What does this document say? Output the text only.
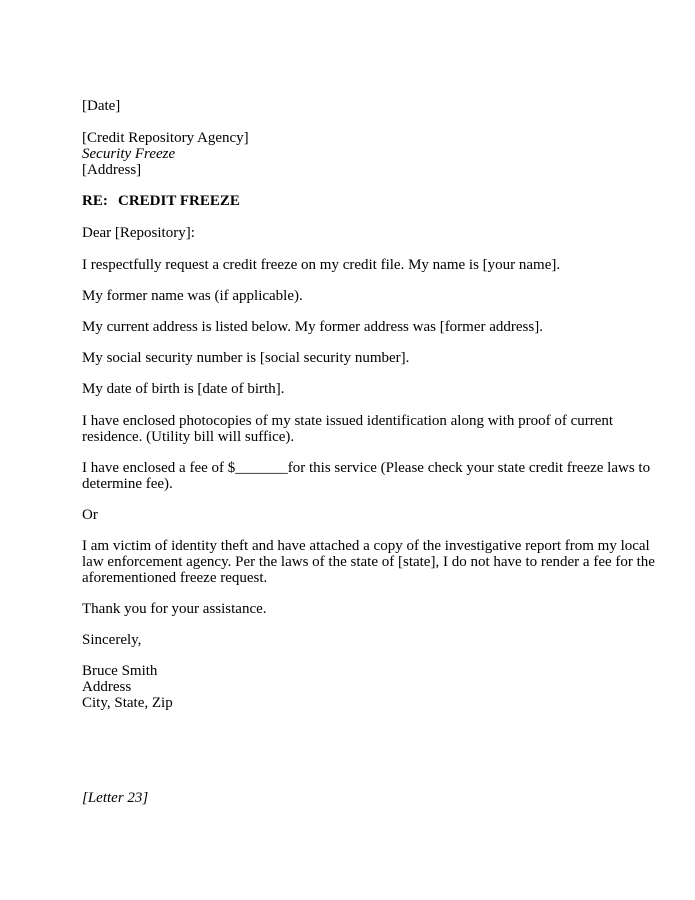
[Date]

[Credit Repository Agency]
Security Freeze
[Address]

RE: CREDIT FREEZE

Dear [Repository]:

I respectfully request a credit freeze on my credit file. My name is [your name].

My former name was (if applicable).

My current address is listed below. My former address was [former address].

My social security number is [social security number].

My date of birth is [date of birth].

I have enclosed photocopies of my state issued identification along with proof of current
residence. (Utility bill will suffice).

I have enclosed a fee of $_______for this service (Please check your state credit freeze laws to
determine fee).

Or

I am victim of identity theft and have attached a copy of the investigative report from my local
law enforcement agency. Per the laws of the state of [state], I do not have to render a fee for the
aforementioned freeze request.

Thank you for your assistance.

Sincerely,

Bruce Smith
Address
City, State, Zip

[Letter 23]
